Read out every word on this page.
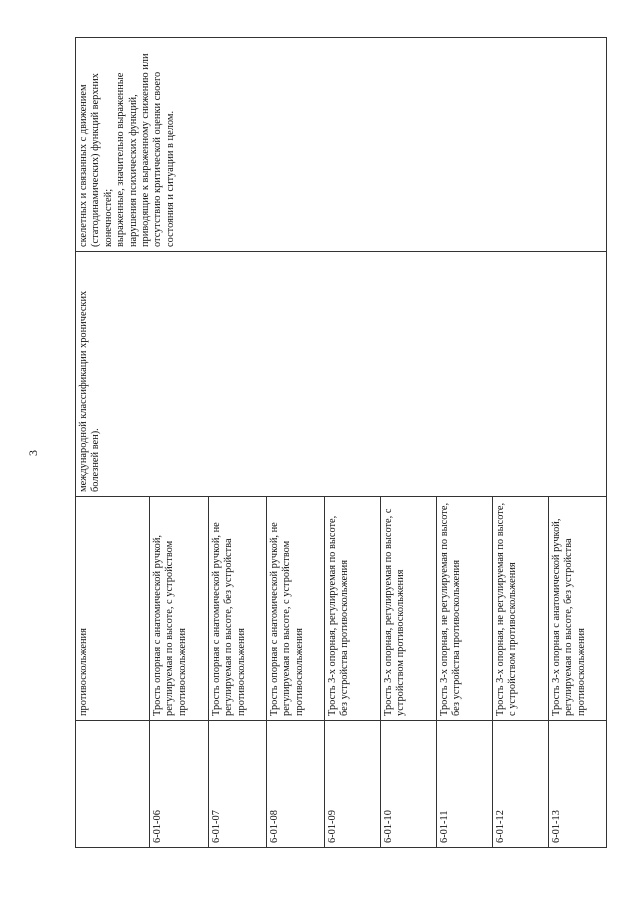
3
	противоскольжения	международной классификации хронических болезней вен).	скелетных и связанных с движением (статодинамических) функций верхних конечностей;
выраженные, значительно выраженные нарушения психических функций, приводящие к выраженному снижению или отсутствию критической оценки своего состояния и ситуации в целом.
6-01-06	Трость опорная с анатомической ручкой, регулируемая по высоте, с устройством противоскольжения		
6-01-07	Трость опорная с анатомической ручкой, не регулируемая по высоте, без устройства противоскольжения		
6-01-08	Трость опорная с анатомической ручкой, не регулируемая по высоте, с устройством противоскольжения		
6-01-09	Трость 3-х опорная, регулируемая по высоте, без устройства противоскольжения		
6-01-10	Трость 3-х опорная, регулируемая по высоте, с устройством противоскольжения		
6-01-11	Трость 3-х опорная, не регулируемая по высоте, без устройства противоскольжения		
6-01-12	Трость 3-х опорная, не регулируемая по высоте, с устройством противоскольжения		
6-01-13	Трость 3-х опорная с анатомической ручкой, регулируемая по высоте, без устройства противоскольжения		
